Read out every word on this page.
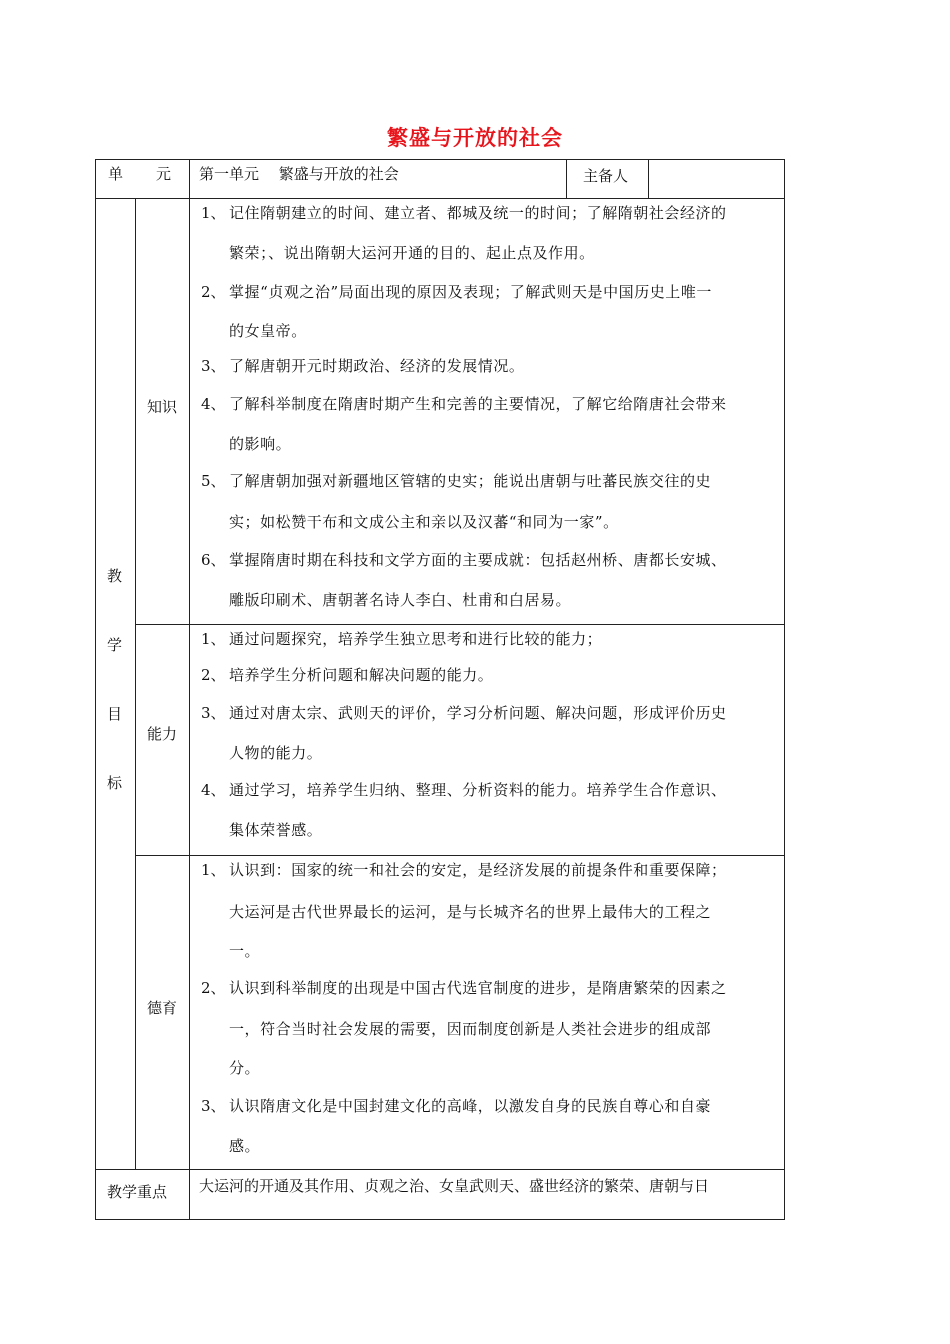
繁盛与开放的社会
单　　元 第一单元　 繁盛与开放的社会	主备人
教
学
目
标
知识
能力
德育
1、 记住隋朝建立的时间、建立者、都城及统一的时间；了解隋朝社会经济的
繁荣；、说出隋朝大运河开通的目的、起止点及作用。
2、 掌握“贞观之治”局面出现的原因及表现；了解武则天是中国历史上唯一
的女皇帝。
3、 了解唐朝开元时期政治、经济的发展情况。
4、 了解科举制度在隋唐时期产生和完善的主要情况，了解它给隋唐社会带来
的影响。
5、 了解唐朝加强对新疆地区管辖的史实；能说出唐朝与吐蕃民族交往的史
实；如松赞干布和文成公主和亲以及汉蕃“和同为一家”。
6、 掌握隋唐时期在科技和文学方面的主要成就：包括赵州桥、唐都长安城、
雕版印刷术、唐朝著名诗人李白、杜甫和白居易。
1、 通过问题探究，培养学生独立思考和进行比较的能力；
2、 培养学生分析问题和解决问题的能力。
3、 通过对唐太宗、武则天的评价，学习分析问题、解决问题，形成评价历史
人物的能力。
4、 通过学习，培养学生归纳、整理、分析资料的能力。培养学生合作意识、
集体荣誉感。
1、 认识到：国家的统一和社会的安定，是经济发展的前提条件和重要保障；
大运河是古代世界最长的运河，是与长城齐名的世界上最伟大的工程之
一。
2、 认识到科举制度的出现是中国古代选官制度的进步，是隋唐繁荣的因素之
一，符合当时社会发展的需要，因而制度创新是人类社会进步的组成部
分。
3、 认识隋唐文化是中国封建文化的高峰，以激发自身的民族自尊心和自豪
感。
教学重点 大运河的开通及其作用、贞观之治、女皇武则天、盛世经济的繁荣、唐朝与日
